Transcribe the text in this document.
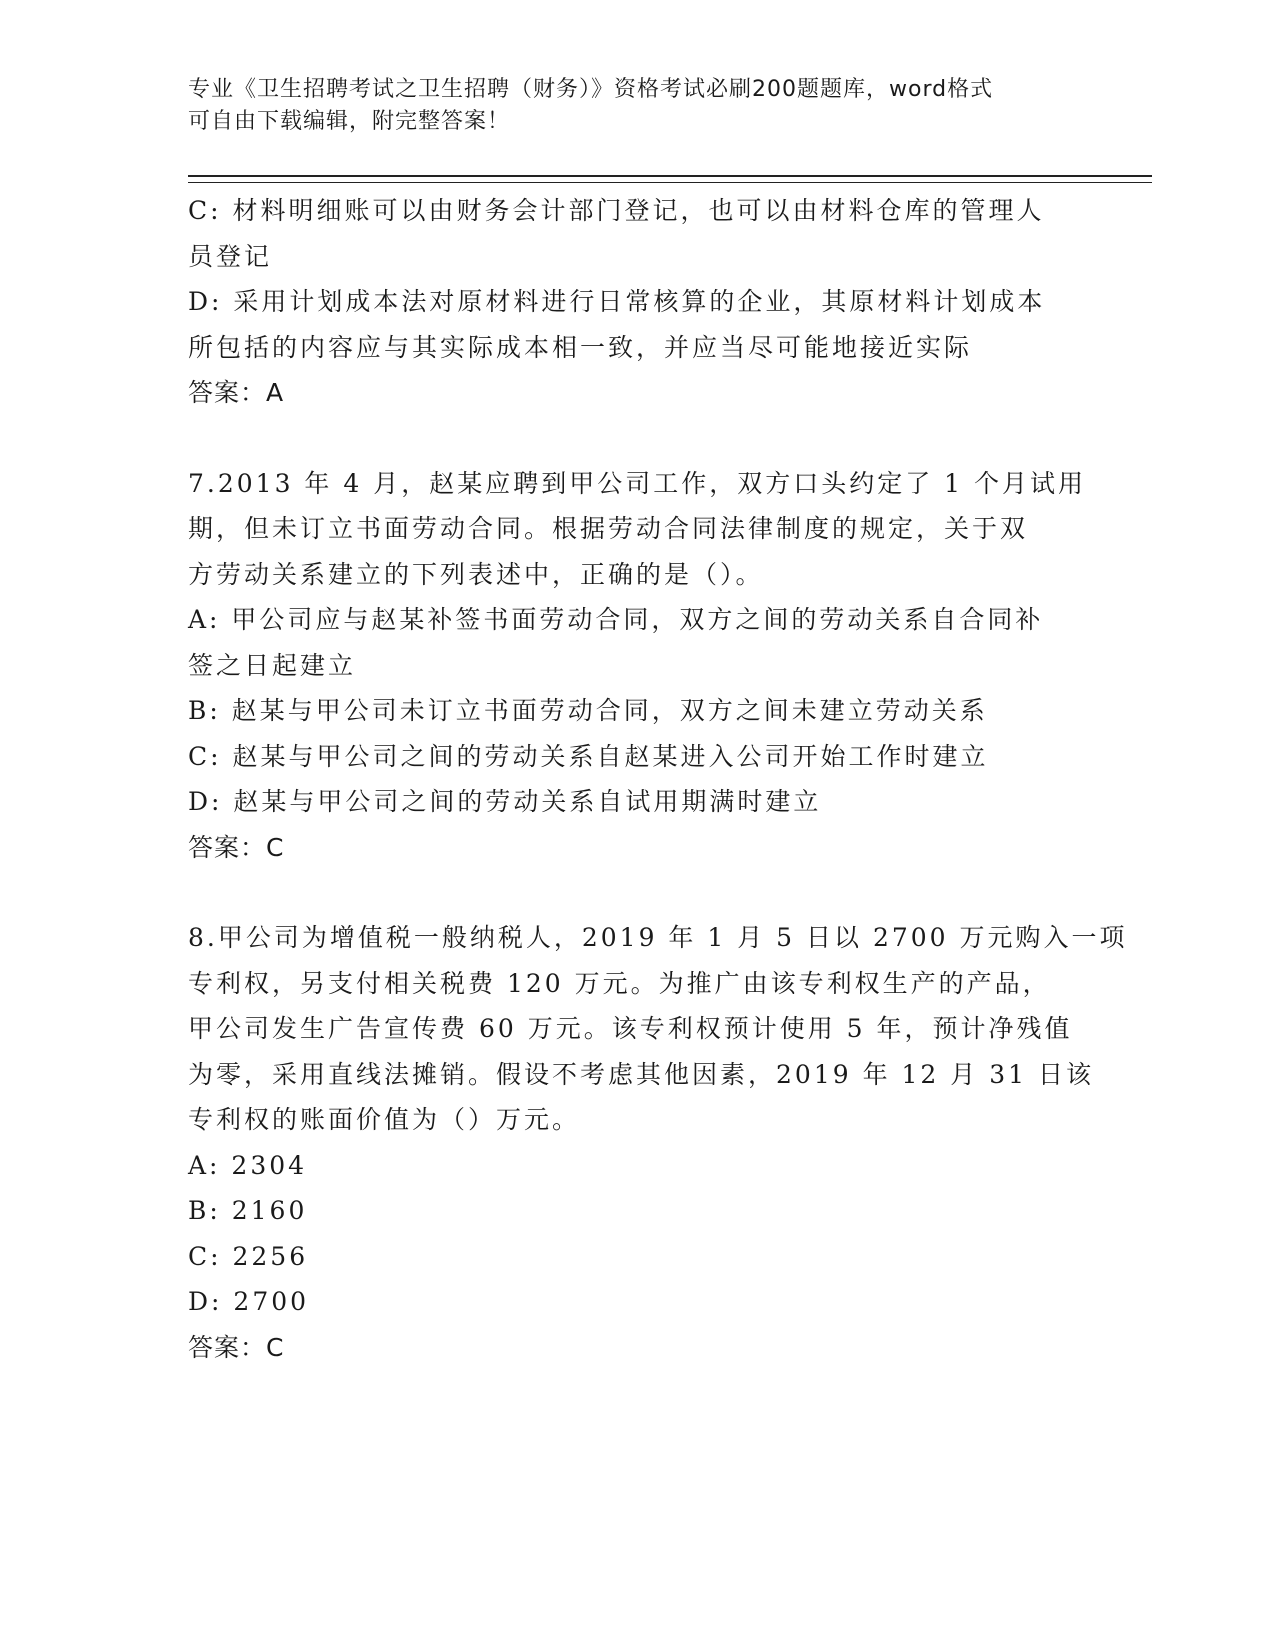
专业《卫生招聘考试之卫生招聘（财务）》资格考试必刷200题题库，word格式
可自由下载编辑，附完整答案！
C: 材料明细账可以由财务会计部门登记，也可以由材料仓库的管理人
员登记
D: 采用计划成本法对原材料进行日常核算的企业，其原材料计划成本
所包括的内容应与其实际成本相一致，并应当尽可能地接近实际
答案：A
7.2013 年 4 月，赵某应聘到甲公司工作，双方口头约定了 1 个月试用
期，但未订立书面劳动合同。根据劳动合同法律制度的规定，关于双
方劳动关系建立的下列表述中，正确的是（）。
A: 甲公司应与赵某补签书面劳动合同，双方之间的劳动关系自合同补
签之日起建立
B: 赵某与甲公司未订立书面劳动合同，双方之间未建立劳动关系
C: 赵某与甲公司之间的劳动关系自赵某进入公司开始工作时建立
D: 赵某与甲公司之间的劳动关系自试用期满时建立
答案：C
8.甲公司为增值税一般纳税人，2019 年 1 月 5 日以 2700 万元购入一项
专利权，另支付相关税费 120 万元。为推广由该专利权生产的产品，
甲公司发生广告宣传费 60 万元。该专利权预计使用 5 年，预计净残值
为零，采用直线法摊销。假设不考虑其他因素，2019 年 12 月 31 日该
专利权的账面价值为（）万元。
A: 2304
B: 2160
C: 2256
D: 2700
答案：C
